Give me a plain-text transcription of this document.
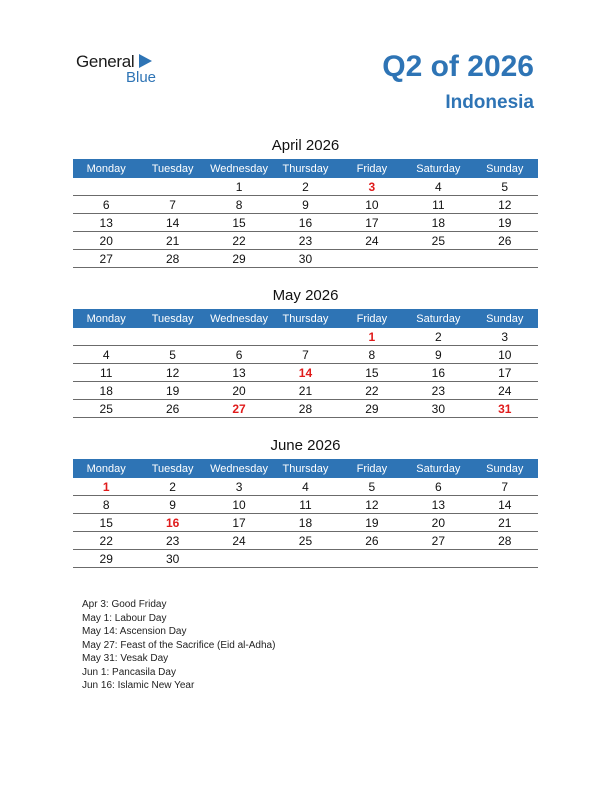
General
Blue	Q2 of 2026
Indonesia
April 2026
Monday	Tuesday	Wednesday	Thursday	Friday	Saturday	Sunday
		1	2	3	4	5
6	7	8	9	10	11	12
13	14	15	16	17	18	19
20	21	22	23	24	25	26
27	28	29	30			
May 2026
Monday	Tuesday	Wednesday	Thursday	Friday	Saturday	Sunday
				1	2	3
4	5	6	7	8	9	10
11	12	13	14	15	16	17
18	19	20	21	22	23	24
25	26	27	28	29	30	31
June 2026
Monday	Tuesday	Wednesday	Thursday	Friday	Saturday	Sunday
1	2	3	4	5	6	7
8	9	10	11	12	13	14
15	16	17	18	19	20	21
22	23	24	25	26	27	28
29	30					
Apr 3: Good Friday
May 1: Labour Day
May 14: Ascension Day
May 27: Feast of the Sacrifice (Eid al-Adha)
May 31: Vesak Day
Jun 1: Pancasila Day
Jun 16: Islamic New Year
